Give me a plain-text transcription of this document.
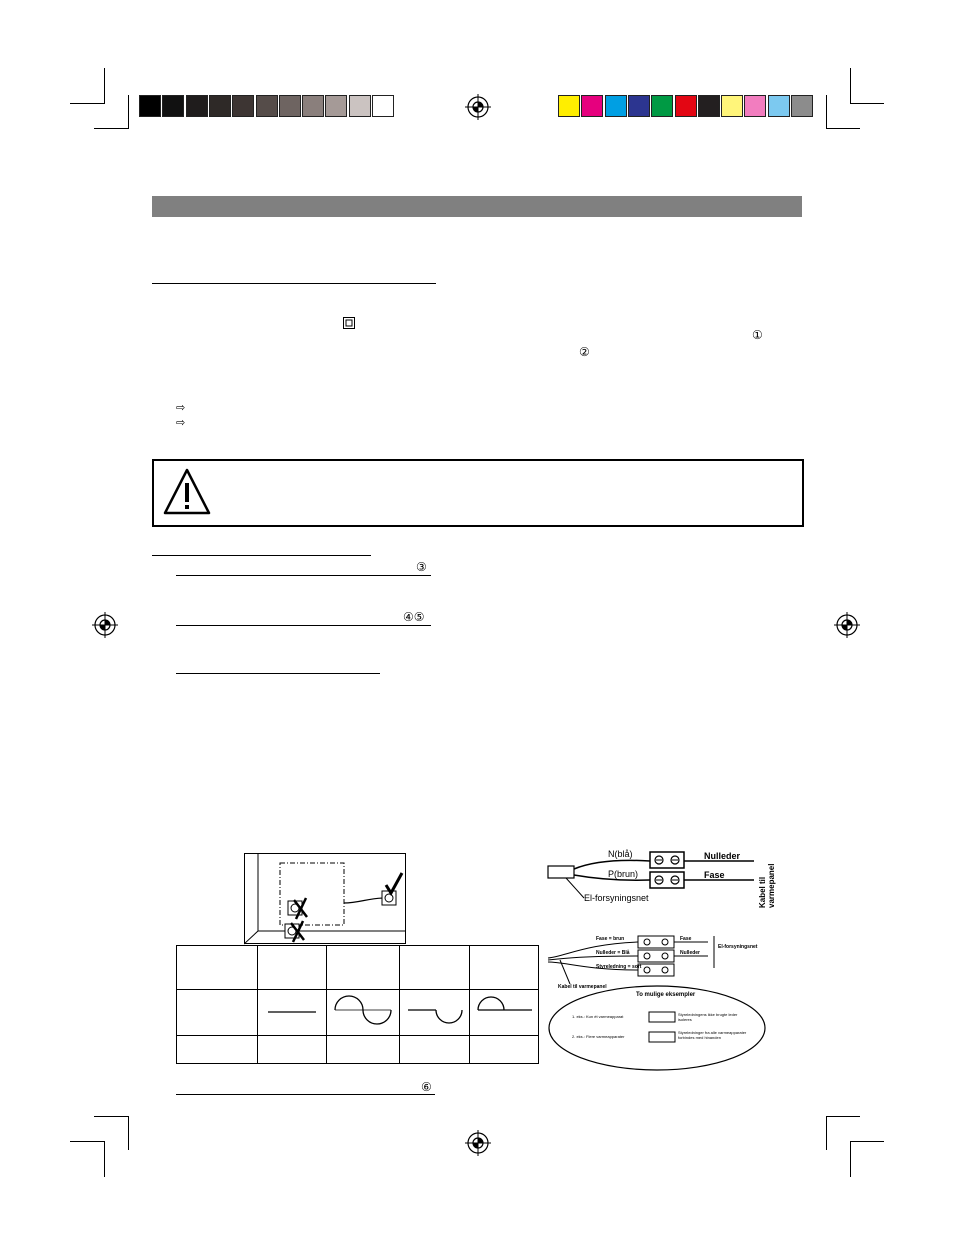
①
②
⇨
⇨
③
④⑤

⑥
N(blå)
P(brun)
Nulleder
Fase
El-forsyningsnet	Kabel til varmepanel
Fase = brun
Nulleder = Blå
Styreledning = sort
Fase
Nulleder
El-forsyningsnet
Kabel til varmepanel
To mulige eksempler
1. eks.: Kun ét varmeapparat	Styreledningens ikke brugte leder isoleres
2. eks.: Flere varmeapparater
Styreledninger fra alle varmeapparater forbindes med hinanden
